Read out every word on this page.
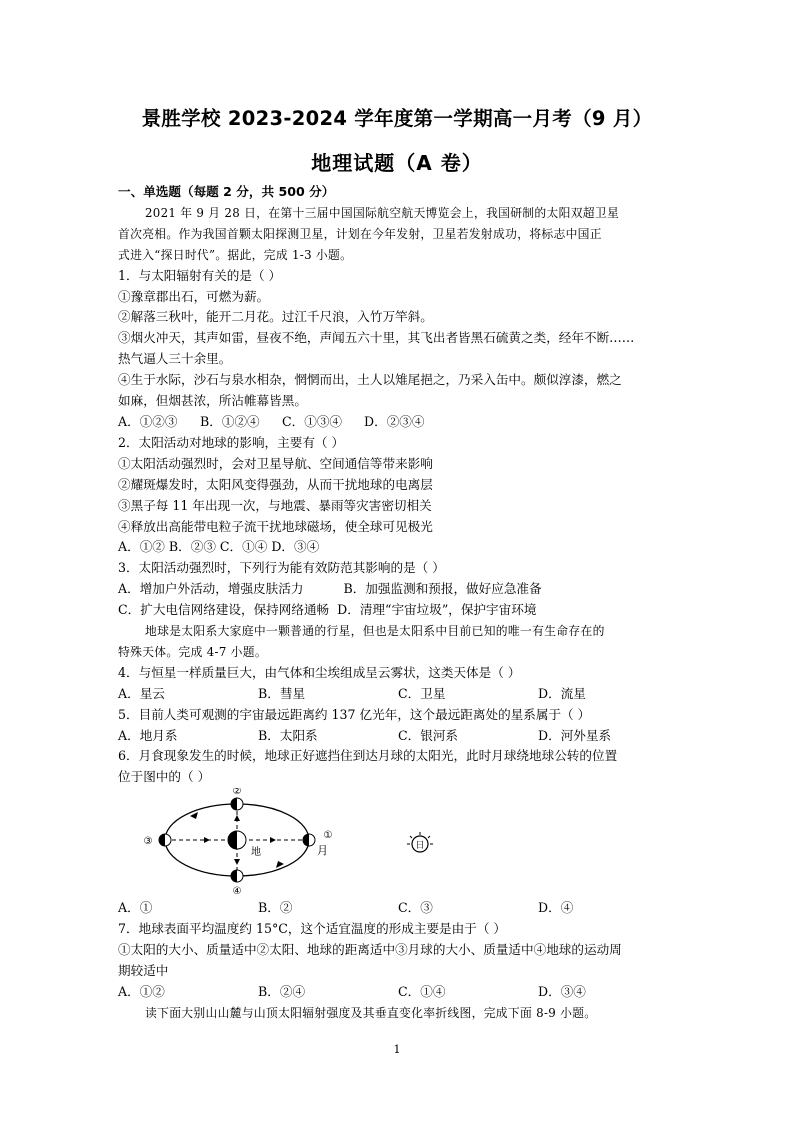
景胜学校 2023-2024 学年度第一学期高一月考（9 月）
地理试题（A 卷）

一、单选题（每题 2 分，共 500 分）

2021 年 9 月 28 日，在第十三届中国国际航空航天博览会上，我国研制的太阳双超卫星

首次亮相。作为我国首颗太阳探测卫星，计划在今年发射，卫星若发射成功，将标志中国正

式进入“探日时代”。据此，完成 1-3 小题。

1．与太阳辐射有关的是（ ）

①豫章郡出石，可燃为薪。

②解落三秋叶，能开二月花。过江千尺浪，入竹万竿斜。

③烟火冲天，其声如雷，昼夜不绝，声闻五六十里，其飞出者皆黑石硫黄之类，经年不断……

热气逼人三十余里。

④生于水际，沙石与泉水相杂，惘惘而出，土人以雉尾挹之，乃采入缶中。颇似淳漆，燃之

如麻，但烟甚浓，所沾帷幕皆黑。

A．①②③ B．①②④ C．①③④ D．②③④

2．太阳活动对地球的影响，主要有（ ）

①太阳活动强烈时，会对卫星导航、空间通信等带来影响

②耀斑爆发时，太阳风变得强劲，从而干扰地球的电离层

③黑子每 11 年出现一次，与地震、暴雨等灾害密切相关

④释放出高能带电粒子流干扰地球磁场，使全球可见极光

A．①② B．②③ C．①④ D．③④

3．太阳活动强烈时，下列行为能有效防范其影响的是（ ）

A．增加户外活动，增强皮肤活力          B．加强监测和预报，做好应急准备

C．扩大电信网络建设，保持网络通畅  D．清理“宇宙垃圾”，保护宇宙环境

地球是太阳系大家庭中一颗普通的行星，但也是太阳系中目前已知的唯一有生命存在的

特殊天体。完成 4-7 小题。

4．与恒星一样质量巨大，由气体和尘埃组成呈云雾状，这类天体是（ ）

A．星云	B．彗星	C．卫星	D．流星

5．目前人类可观测的宇宙最远距离约 137 亿光年，这个最远距离处的星系属于（ ）

A．地月系	B．太阳系	C．银河系	D．河外星系

6．月食现象发生的时候，地球正好遮挡住到达月球的太阳光，此时月球绕地球公转的位置

位于图中的（ ）

②
④
③
①
地	月	日

A．①	B．②	C．③	D．④

7．地球表面平均温度约 15°C，这个适宜温度的形成主要是由于（ ）

①太阳的大小、质量适中②太阳、地球的距离适中③月球的大小、质量适中④地球的运动周

期较适中

A．①②	B．②④	C．①④	D．③④

读下面大别山山麓与山顶太阳辐射强度及其垂直变化率折线图，完成下面 8-9 小题。

1
